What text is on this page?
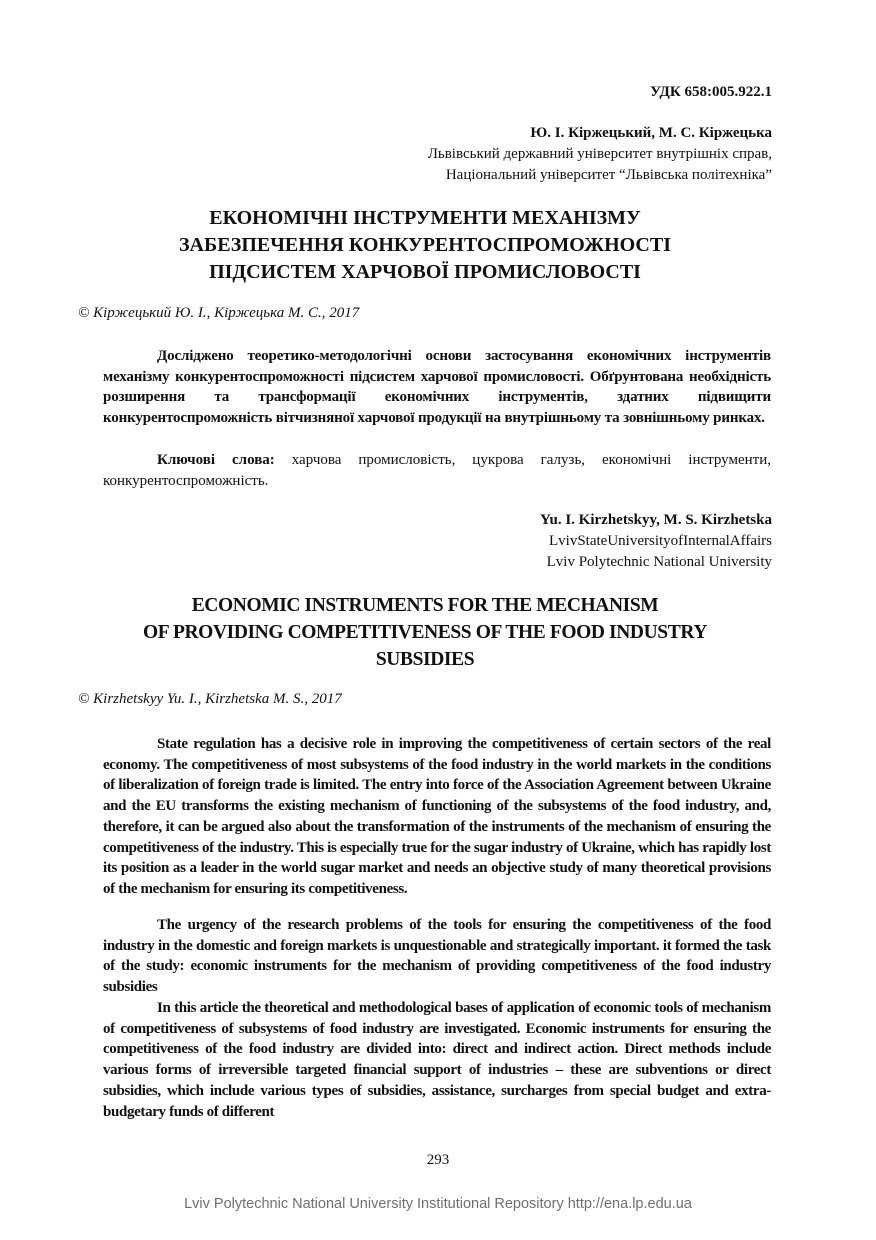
УДК 658:005.922.1
Ю. І. Кіржецький, М. С. Кіржецька
Львівський державний університет внутрішніх справ,
Національний університет “Львівська політехніка”
ЕКОНОМІЧНІ ІНСТРУМЕНТИ МЕХАНІЗМУ
ЗАБЕЗПЕЧЕННЯ КОНКУРЕНТОСПРОМОЖНОСТІ
ПІДСИСТЕМ ХАРЧОВОЇ ПРОМИСЛОВОСТІ
© Кіржецький Ю. І., Кіржецька М. С., 2017

Досліджено теоретико-методологічні основи застосування економічних інструментів механізму конкурентоспроможності підсистем харчової промисловості. Обґрунтована необхідність розширення та трансформації економічних інструментів, здатних підвищити конкурентоспроможність вітчизняної харчової продукції на внутрішньому та зовнішньому ринках.

Ключові слова: харчова промисловість, цукрова галузь, економічні інструменти, конкурентоспроможність.

Yu. I. Kirzhetskyy, M. S. Kirzhetska
LvivStateUniversityofInternalAffairs
Lviv Polytechnic National University
ECONOMIC INSTRUMENTS FOR THE MECHANISM
OF PROVIDING COMPETITIVENESS OF THE FOOD INDUSTRY
SUBSIDIES
© Kirzhetskyy Yu. I., Kirzhetska M. S., 2017

State regulation has a decisive role in improving the competitiveness of certain sectors of the real economy. The competitiveness of most subsystems of the food industry in the world markets in the conditions of liberalization of foreign trade is limited. The entry into force of the Association Agreement between Ukraine and the EU transforms the existing mechanism of functioning of the subsystems of the food industry, and, therefore, it can be argued also about the transformation of the instruments of the mechanism of ensuring the competitiveness of the industry. This is especially true for the sugar industry of Ukraine, which has rapidly lost its position as a leader in the world sugar market and needs an objective study of many theoretical provisions of the mechanism for ensuring its competitiveness.

The urgency of the research problems of the tools for ensuring the competitiveness of the food industry in the domestic and foreign markets is unquestionable and strategically important. it formed the task of the study: economic instruments for the mechanism of providing competitiveness of the food industry subsidies

In this article the theoretical and methodological bases of application of economic tools of mechanism of competitiveness of subsystems of food industry are investigated. Economic instruments for ensuring the competitiveness of the food industry are divided into: direct and indirect action. Direct methods include various forms of irreversible targeted financial support of industries – these are subventions or direct subsidies, which include various types of subsidies, assistance, surcharges from special budget and extra-budgetary funds of different

293
Lviv Polytechnic National University Institutional Repository http://ena.lp.edu.ua
